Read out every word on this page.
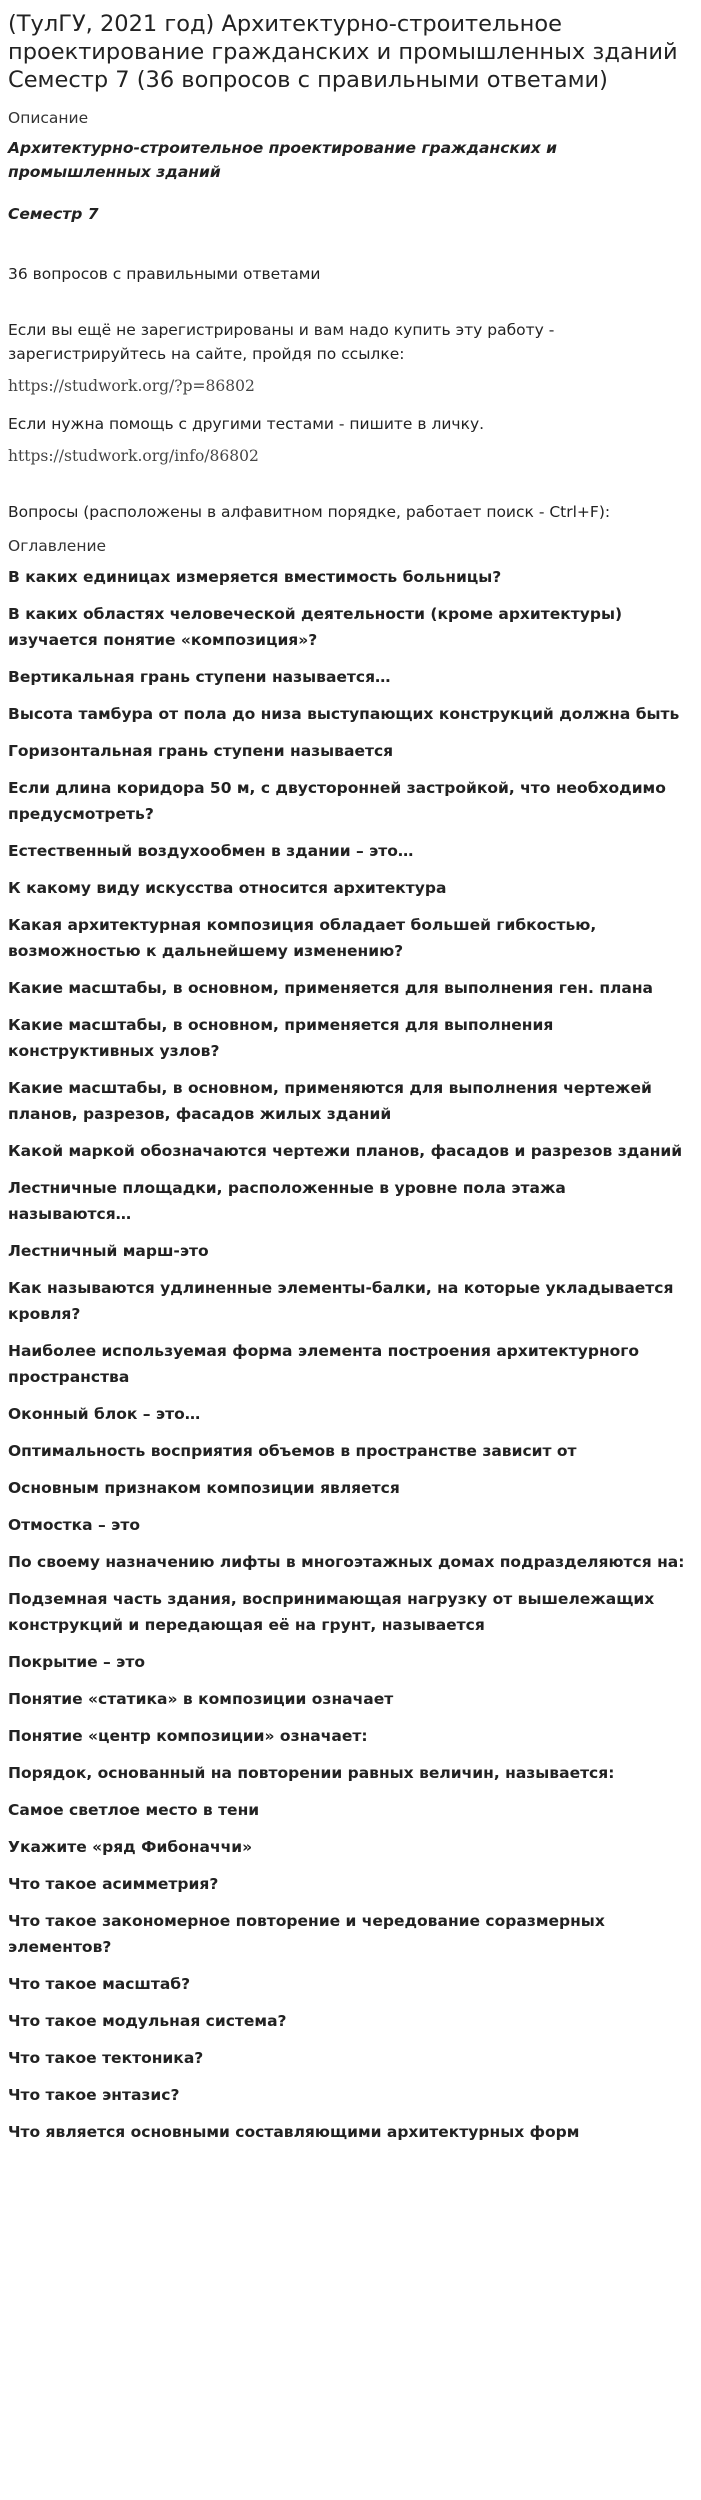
(ТулГУ, 2021 год) Архитектурно-строительное проектирование гражданских и промышленных зданий Семестр 7 (36 вопросов с правильными ответами)
Описание
Архитектурно-строительное проектирование гражданских и промышленных зданий
Семестр 7
36 вопросов с правильными ответами
Если вы ещё не зарегистрированы и вам надо купить эту работу - зарегистрируйтесь на сайте, пройдя по ссылке:
https://studwork.org/?p=86802
Если нужна помощь с другими тестами - пишите в личку.
https://studwork.org/info/86802
Вопросы (расположены в алфавитном порядке, работает поиск - Ctrl+F):
Оглавление
В каких единицах измеряется вместимость больницы?
В каких областях человеческой деятельности (кроме архитектуры) изучается понятие «композиция»?
Вертикальная грань ступени называется…
Высота тамбура от пола до низа выступающих конструкций должна быть
Горизонтальная грань ступени называется
Если длина коридора 50 м, с двусторонней застройкой, что необходимо предусмотреть?
Естественный воздухообмен в здании – это…
К какому виду искусства относится архитектура
Какая архитектурная композиция обладает большей гибкостью, возможностью к дальнейшему изменению?
Какие масштабы, в основном, применяется для выполнения ген. плана
Какие масштабы, в основном, применяется для выполнения конструктивных узлов?
Какие масштабы, в основном, применяются для выполнения чертежей планов, разрезов, фасадов жилых зданий
Какой маркой обозначаются чертежи планов, фасадов и разрезов зданий
Лестничные площадки, расположенные в уровне пола этажа называются…
Лестничный марш-это
Как называются удлиненные элементы-балки, на которые укладывается кровля?
Наиболее используемая форма элемента построения архитектурного пространства
Оконный блок – это…
Оптимальность восприятия объемов в пространстве зависит от
Основным признаком композиции является
Отмостка – это
По своему назначению лифты в многоэтажных домах подразделяются на:
Подземная часть здания, воспринимающая нагрузку от вышележащих конструкций и передающая её на грунт, называется
Покрытие – это
Понятие «статика» в композиции означает
Понятие «центр композиции» означает:
Порядок, основанный на повторении равных величин, называется:
Самое светлое место в тени
Укажите «ряд Фибоначчи»
Что такое асимметрия?
Что такое закономерное повторение и чередование соразмерных элементов?
Что такое масштаб?
Что такое модульная система?
Что такое тектоника?
Что такое энтазис?
Что является основными составляющими архитектурных форм
